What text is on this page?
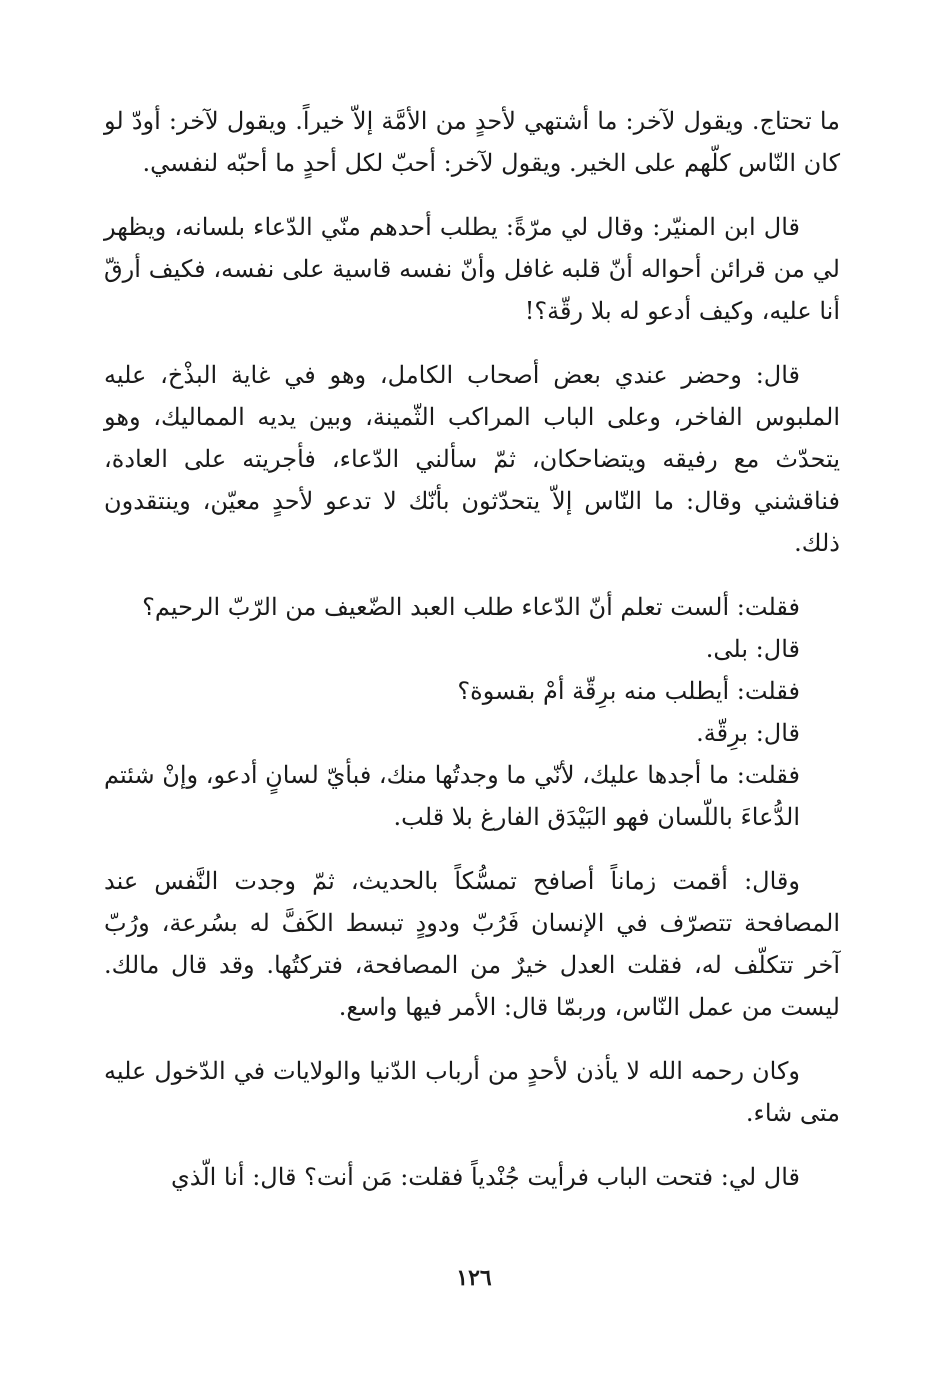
ما تحتاج. ويقول لآخر: ما أشتهي لأحدٍ من الأمَّة إلاّ خيراً. ويقول لآخر: أودّ لو كان النّاس كلّهم على الخير. ويقول لآخر: أحبّ لكل أحدٍ ما أحبّه لنفسي.

قال ابن المنيّر: وقال لي مرّةً: يطلب أحدهم منّي الدّعاء بلسانه، ويظهر لي من قرائن أحواله أنّ قلبه غافل وأنّ نفسه قاسية على نفسه، فكيف أرقّ أنا عليه، وكيف أدعو له بلا رقّة؟!

قال: وحضر عندي بعض أصحاب الكامل، وهو في غاية البذْخ، عليه الملبوس الفاخر، وعلى الباب المراكب الثّمينة، وبين يديه المماليك، وهو يتحدّث مع رفيقه ويتضاحكان، ثمّ سألني الدّعاء، فأجريته على العادة، فناقشني وقال: ما النّاس إلاّ يتحدّثون بأنّك لا تدعو لأحدٍ معيّن، وينتقدون ذلك.

فقلت: ألست تعلم أنّ الدّعاء طلب العبد الضّعيف من الرّبّ الرحيم؟
قال: بلى.
فقلت: أيطلب منه برِقّة أمْ بقسوة؟
قال: برِقّة.
فقلت: ما أجدها عليك، لأنّي ما وجدتُها منك، فبأيّ لسانٍ أدعو، وإنْ شئتم الدُّعاءَ باللّسان فهو البَيْدَق الفارغ بلا قلب.

وقال: أقمت زماناً أصافح تمسُّكاً بالحديث، ثمّ وجدت النَّفس عند المصافحة تتصرّف في الإنسان فَرُبّ ودودٍ تبسط الكَفَّ له بسُرعة، ورُبّ آخر تتكلّف له، فقلت العدل خيرٌ من المصافحة، فتركتُها. وقد قال مالك. ليست من عمل النّاس، وربمّا قال: الأمر فيها واسع.

وكان رحمه الله لا يأذن لأحدٍ من أرباب الدّنيا والولايات في الدّخول عليه متى شاء.

قال لي: فتحت الباب فرأيت جُنْدياً فقلت: مَن أنت؟ قال: أنا الّذي

١٢٦
